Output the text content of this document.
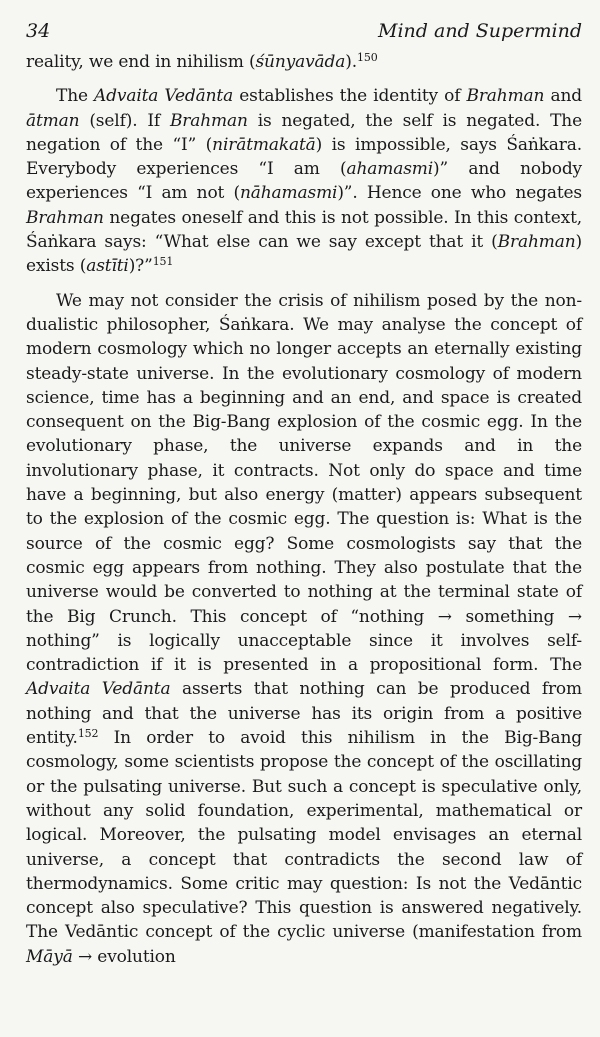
34	Mind and Supermind

reality, we end in nihilism (śūnyavāda).$^{150}$

The Advaita Vedānta establishes the identity of Brahman and ātman (self). If Brahman is negated, the self is negated. The negation of the “I” (nirātmakatā) is impossible, says Śaṅkara. Everybody experiences “I am (ahamasmi)” and nobody experiences “I am not (nāhamasmi)”. Hence one who negates Brahman negates oneself and this is not possible. In this context, Śaṅkara says: “What else can we say except that it (Brahman) exists (astīti)?”$^{151}$

We may not consider the crisis of nihilism posed by the non-dualistic philosopher, Śaṅkara. We may analyse the concept of modern cosmology which no longer accepts an eternally existing steady-state universe. In the evolutionary cosmology of modern science, time has a beginning and an end, and space is created consequent on the Big-Bang explosion of the cosmic egg. In the evolutionary phase, the universe expands and in the involutionary phase, it contracts. Not only do space and time have a beginning, but also energy (matter) appears subsequent to the explosion of the cosmic egg. The question is: What is the source of the cosmic egg? Some cosmologists say that the cosmic egg appears from nothing. They also postulate that the universe would be converted to nothing at the terminal state of the Big Crunch. This concept of “nothing → something → nothing” is logically unacceptable since it involves self-contradiction if it is presented in a propositional form. The Advaita Vedānta asserts that nothing can be produced from nothing and that the universe has its origin from a positive entity.$^{152}$ In order to avoid this nihilism in the Big-Bang cosmology, some scientists propose the concept of the oscillating or the pulsating universe. But such a concept is speculative only, without any solid foundation, experimental, mathematical or logical. Moreover, the pulsating model envisages an eternal universe, a concept that contradicts the second law of thermodynamics. Some critic may question: Is not the Vedāntic concept also speculative? This question is answered negatively. The Vedāntic concept of the cyclic universe (manifestation from Māyā → evolution
